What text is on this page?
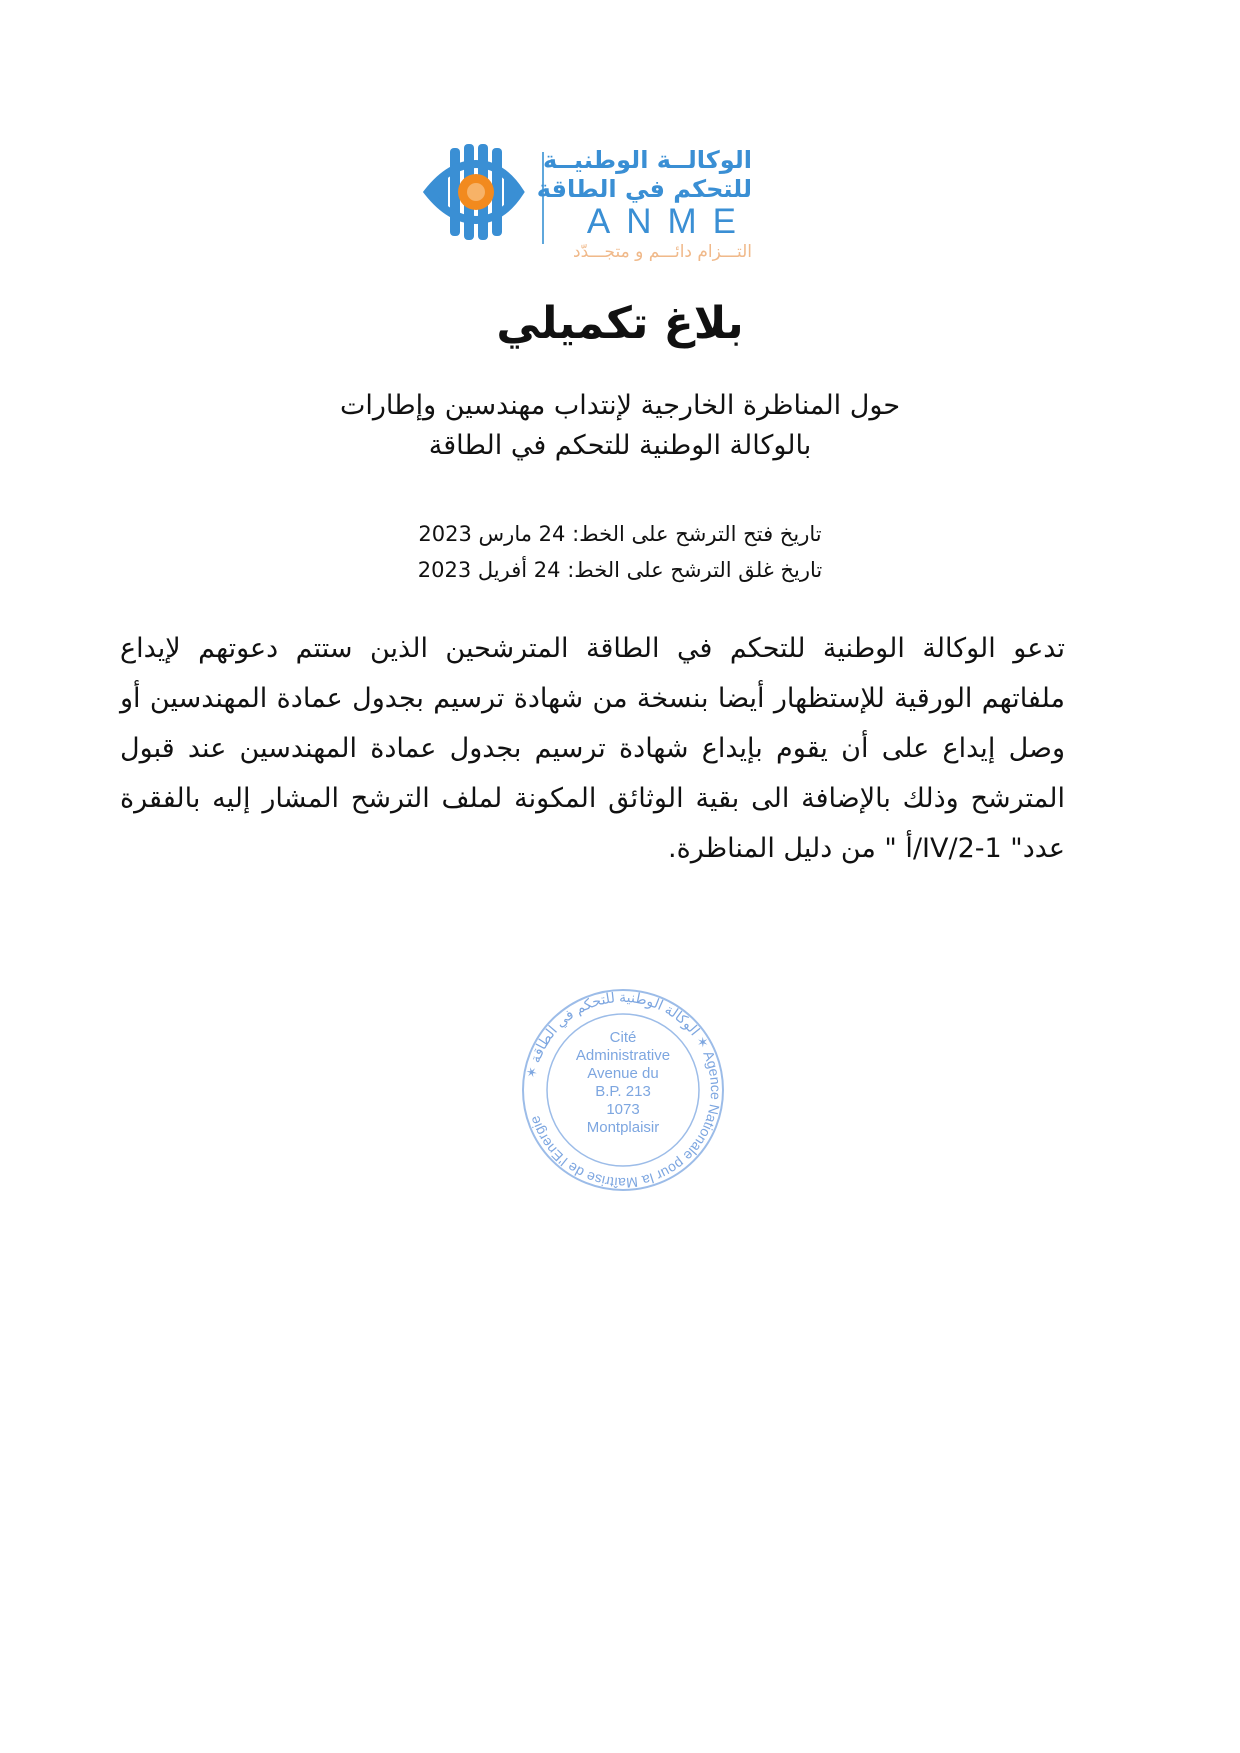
الوكالــة الوطنيــة
للتحكم في الطاقة
ANME
التـــزام دائـــم و متجـــدّد
بلاغ تكميلي
حول المناظرة الخارجية لإنتداب مهندسين وإطارات
بالوكالة الوطنية للتحكم في الطاقة
تاريخ فتح الترشح على الخط: 24 مارس 2023
تاريخ غلق الترشح على الخط: 24 أفريل 2023
تدعو الوكالة الوطنية للتحكم في الطاقة المترشحين الذين ستتم دعوتهم لإيداع ملفاتهم الورقية للإستظهار أيضا بنسخة من شهادة ترسيم بجدول عمادة المهندسين أو وصل إيداع على أن يقوم بإيداع شهادة ترسيم بجدول عمادة المهندسين عند قبول المترشح وذلك بالإضافة الى بقية الوثائق المكونة لملف الترشح المشار إليه بالفقرة عدد" IV/2-1/أ " من دليل المناظرة.
✶ الوكالة الوطنية للتحكم في الطاقة ✶ Agence Nationale pour la Maîtrise de l'Energie
Cité
Administrative
Avenue du
B.P. 213
1073
Montplaisir
